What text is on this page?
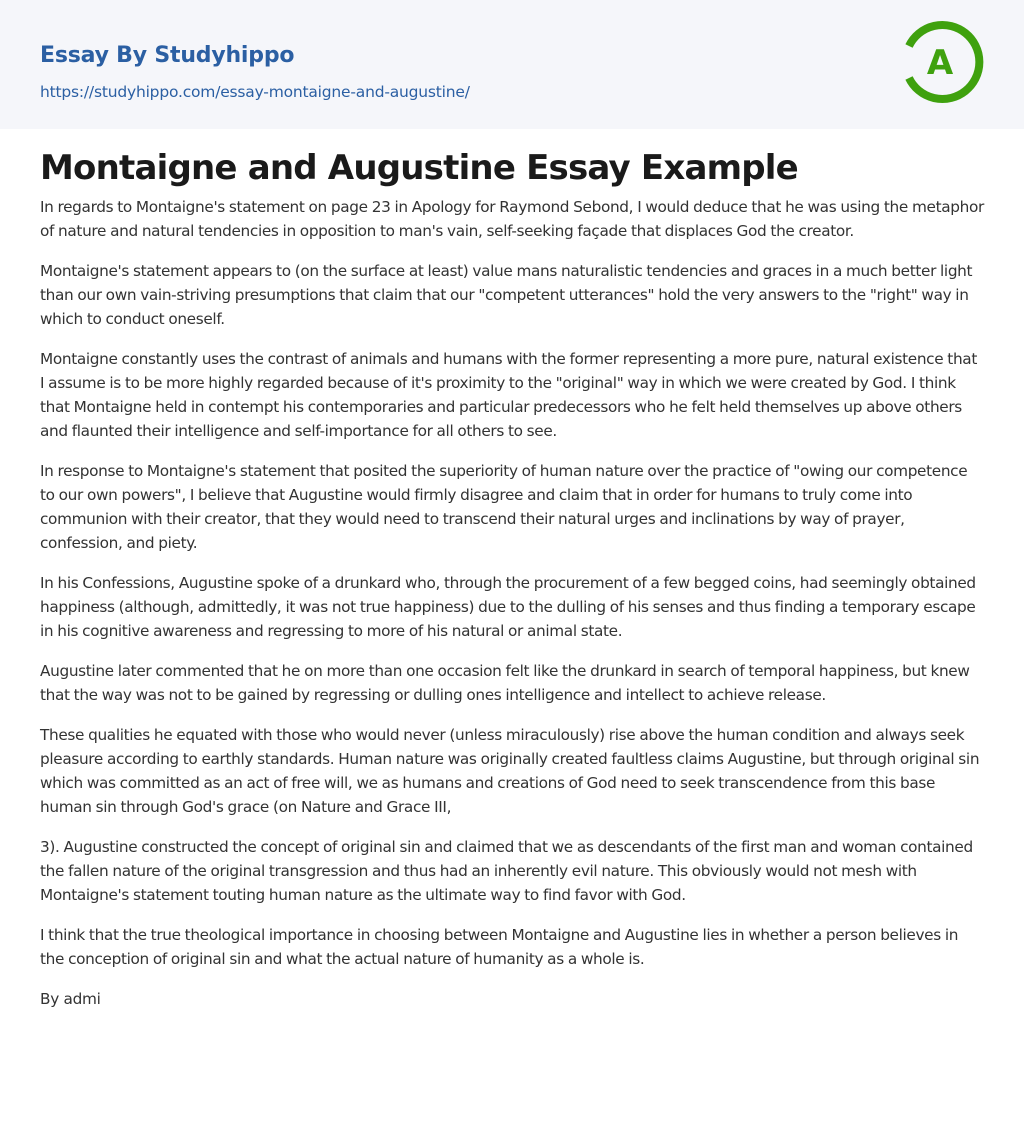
Essay By Studyhippo
https://studyhippo.com/essay-montaigne-and-augustine/
A
Montaigne and Augustine Essay Example

In regards to Montaigne's statement on page 23 in Apology for Raymond Sebond, I would deduce that he was using the metaphor of nature and natural tendencies in opposition to man's vain, self-seeking façade that displaces God the creator.

Montaigne's statement appears to (on the surface at least) value mans naturalistic tendencies and graces in a much better light than our own vain-striving presumptions that claim that our "competent utterances" hold the very answers to the "right" way in which to conduct oneself.

Montaigne constantly uses the contrast of animals and humans with the former representing a more pure, natural existence that I assume is to be more highly regarded because of it's proximity to the "original" way in which we were created by God. I think that Montaigne held in contempt his contemporaries and particular predecessors who he felt held themselves up above others and flaunted their intelligence and self-importance for all others to see.

In response to Montaigne's statement that posited the superiority of human nature over the practice of "owing our competence to our own powers", I believe that Augustine would firmly disagree and claim that in order for humans to truly come into communion with their creator, that they would need to transcend their natural urges and inclinations by way of prayer, confession, and piety.

In his Confessions, Augustine spoke of a drunkard who, through the procurement of a few begged coins, had seemingly obtained happiness (although, admittedly, it was not true happiness) due to the dulling of his senses and thus finding a temporary escape in his cognitive awareness and regressing to more of his natural or animal state.

Augustine later commented that he on more than one occasion felt like the drunkard in search of temporal happiness, but knew that the way was not to be gained by regressing or dulling ones intelligence and intellect to achieve release.

These qualities he equated with those who would never (unless miraculously) rise above the human condition and always seek pleasure according to earthly standards. Human nature was originally created faultless claims Augustine, but through original sin which was committed as an act of free will, we as humans and creations of God need to seek transcendence from this base human sin through God's grace (on Nature and Grace III,

3). Augustine constructed the concept of original sin and claimed that we as descendants of the first man and woman contained the fallen nature of the original transgression and thus had an inherently evil nature. This obviously would not mesh with Montaigne's statement touting human nature as the ultimate way to find favor with God.

I think that the true theological importance in choosing between Montaigne and Augustine lies in whether a person believes in the conception of original sin and what the actual nature of humanity as a whole is.

By admi
